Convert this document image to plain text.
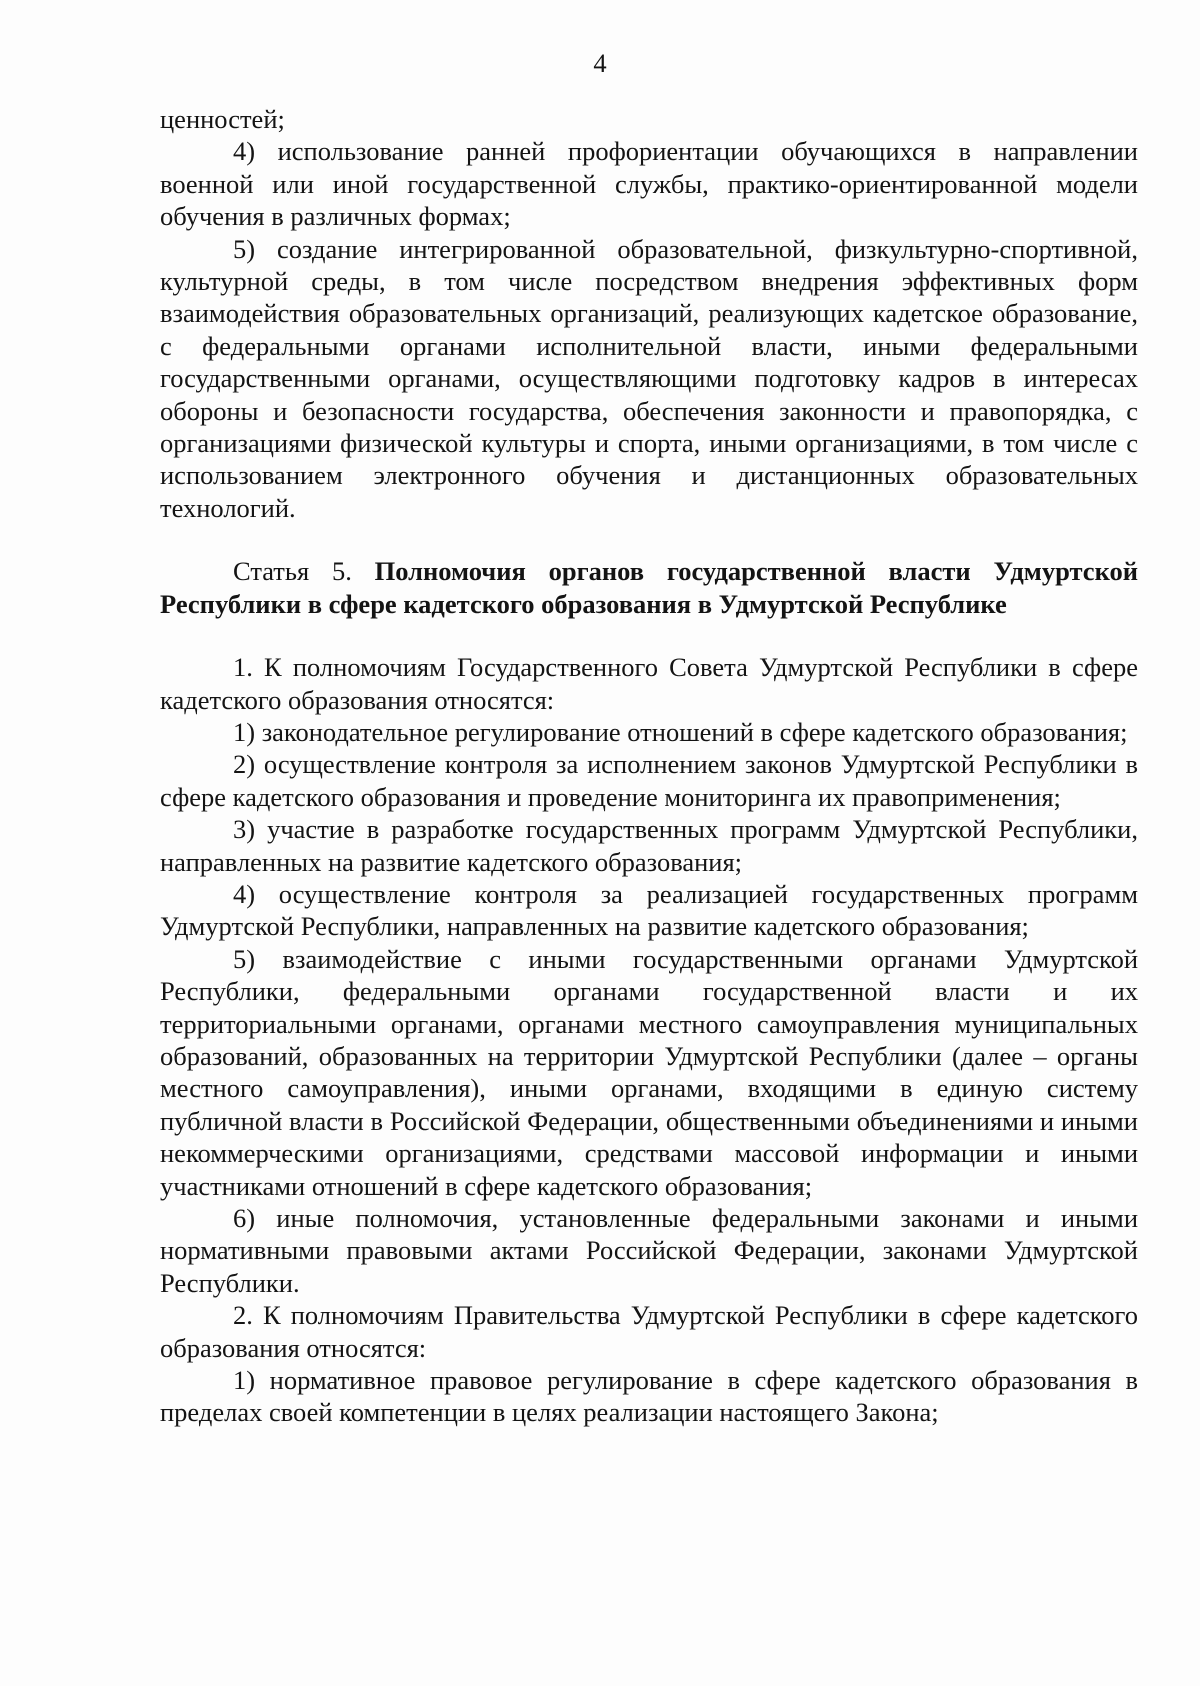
4

ценностей;

4) использование ранней профориентации обучающихся в направлении военной или иной государственной службы, практико-ориентированной модели обучения в различных формах;

5) создание интегрированной образовательной, физкультурно-спортивной, культурной среды, в том числе посредством внедрения эффективных форм взаимодействия образовательных организаций, реализующих кадетское образование, с федеральными органами исполнительной власти, иными федеральными государственными органами, осуществляющими подготовку кадров в интересах обороны и безопасности государства, обеспечения законности и правопорядка, с организациями физической культуры и спорта, иными организациями, в том числе с использованием электронного обучения и дистанционных образовательных технологий.

Статья 5. Полномочия органов государственной власти Удмуртской Республики в сфере кадетского образования в Удмуртской Республике

1. К полномочиям Государственного Совета Удмуртской Республики в сфере кадетского образования относятся:

1) законодательное регулирование отношений в сфере кадетского образования;

2) осуществление контроля за исполнением законов Удмуртской Республики в сфере кадетского образования и проведение мониторинга их правоприменения;

3) участие в разработке государственных программ Удмуртской Республики, направленных на развитие кадетского образования;

4) осуществление контроля за реализацией государственных программ Удмуртской Республики, направленных на развитие кадетского образования;

5) взаимодействие с иными государственными органами Удмуртской Республики, федеральными органами государственной власти и их территориальными органами, органами местного самоуправления муниципальных образований, образованных на территории Удмуртской Республики (далее – органы местного самоуправления), иными органами, входящими в единую систему публичной власти в Российской Федерации, общественными объединениями и иными некоммерческими организациями, средствами массовой информации и иными участниками отношений в сфере кадетского образования;

6) иные полномочия, установленные федеральными законами и иными нормативными правовыми актами Российской Федерации, законами Удмуртской Республики.

2. К полномочиям Правительства Удмуртской Республики в сфере кадетского образования относятся:

1) нормативное правовое регулирование в сфере кадетского образования в пределах своей компетенции в целях реализации настоящего Закона;
